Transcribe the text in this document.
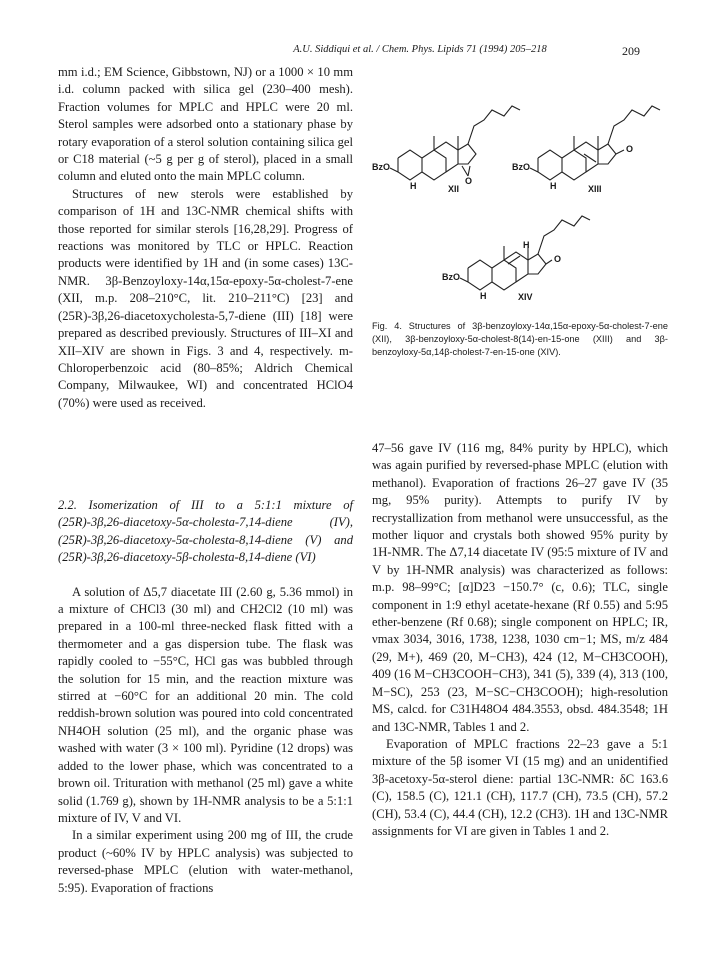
A.U. Siddiqui et al. / Chem. Phys. Lipids 71 (1994) 205–218	209

mm i.d.; EM Science, Gibbstown, NJ) or a 1000 × 10 mm i.d. column packed with silica gel (230–400 mesh). Fraction volumes for MPLC and HPLC were 20 ml. Sterol samples were adsorbed onto a stationary phase by rotary evaporation of a sterol solution containing silica gel or C18 material (~5 g per g of sterol), placed in a small column and eluted onto the main MPLC column.

Structures of new sterols were established by comparison of 1H and 13C-NMR chemical shifts with those reported for similar sterols [16,28,29]. Progress of reactions was monitored by TLC or HPLC. Reaction products were identified by 1H and (in some cases) 13C-NMR. 3β-Benzoyloxy-14α,15α-epoxy-5α-cholest-7-ene (XII, m.p. 208–210°C, lit. 210–211°C) [23] and (25R)-3β,26-diacetoxycholesta-5,7-diene (III) [18] were prepared as described previously. Structures of III–XI and XII–XIV are shown in Figs. 3 and 4, respectively. m-Chloroperbenzoic acid (80–85%; Aldrich Chemical Company, Milwaukee, WI) and concentrated HClO4 (70%) were used as received.

2.2. Isomerization of III to a 5:1:1 mixture of (25R)-3β,26-diacetoxy-5α-cholesta-7,14-diene (IV), (25R)-3β,26-diacetoxy-5α-cholesta-8,14-diene (V) and (25R)-3β,26-diacetoxy-5β-cholesta-8,14-diene (VI)

A solution of Δ5,7 diacetate III (2.60 g, 5.36 mmol) in a mixture of CHCl3 (30 ml) and CH2Cl2 (10 ml) was prepared in a 100-ml three-necked flask fitted with a thermometer and a gas dispersion tube. The flask was rapidly cooled to −55°C, HCl gas was bubbled through the solution for 15 min, and the reaction mixture was stirred at −60°C for an additional 20 min. The cold reddish-brown solution was poured into cold concentrated NH4OH solution (25 ml), and the organic phase was washed with water (3 × 100 ml). Pyridine (12 drops) was added to the lower phase, which was concentrated to a brown oil. Trituration with methanol (25 ml) gave a white solid (1.769 g), shown by 1H-NMR analysis to be a 5:1:1 mixture of IV, V and VI.

In a similar experiment using 200 mg of III, the crude product (~60% IV by HPLC analysis) was subjected to reversed-phase MPLC (elution with water-methanol, 5:95). Evaporation of fractions

BzO
H	O
XII
BzO
H
O
XIII
BzO
H
H
O
XIV
Fig. 4. Structures of 3β-benzoyloxy-14α,15α-epoxy-5α-cholest-7-ene (XII), 3β-benzoyloxy-5α-cholest-8(14)-en-15-one (XIII) and 3β-benzoyloxy-5α,14β-cholest-7-en-15-one (XIV).

47–56 gave IV (116 mg, 84% purity by HPLC), which was again purified by reversed-phase MPLC (elution with methanol). Evaporation of fractions 26–27 gave IV (35 mg, 95% purity). Attempts to purify IV by recrystallization from methanol were unsuccessful, as the mother liquor and crystals both showed 95% purity by 1H-NMR. The Δ7,14 diacetate IV (95:5 mixture of IV and V by 1H-NMR analysis) was characterized as follows: m.p. 98–99°C; [α]D23 −150.7° (c, 0.6); TLC, single component in 1:9 ethyl acetate-hexane (Rf 0.55) and 5:95 ether-benzene (Rf 0.68); single component on HPLC; IR, νmax 3034, 3016, 1738, 1238, 1030 cm−1; MS, m/z 484 (29, M+), 469 (20, M−CH3), 424 (12, M−CH3COOH), 409 (16 M−CH3COOH−CH3), 341 (5), 339 (4), 313 (100, M−SC), 253 (23, M−SC−CH3COOH); high-resolution MS, calcd. for C31H48O4 484.3553, obsd. 484.3548; 1H and 13C-NMR, Tables 1 and 2.

Evaporation of MPLC fractions 22–23 gave a 5:1 mixture of the 5β isomer VI (15 mg) and an unidentified 3β-acetoxy-5α-sterol diene: partial 13C-NMR: δC 163.6 (C), 158.5 (C), 121.1 (CH), 117.7 (CH), 73.5 (CH), 57.2 (CH), 53.4 (C), 44.4 (CH), 12.2 (CH3). 1H and 13C-NMR assignments for VI are given in Tables 1 and 2.
